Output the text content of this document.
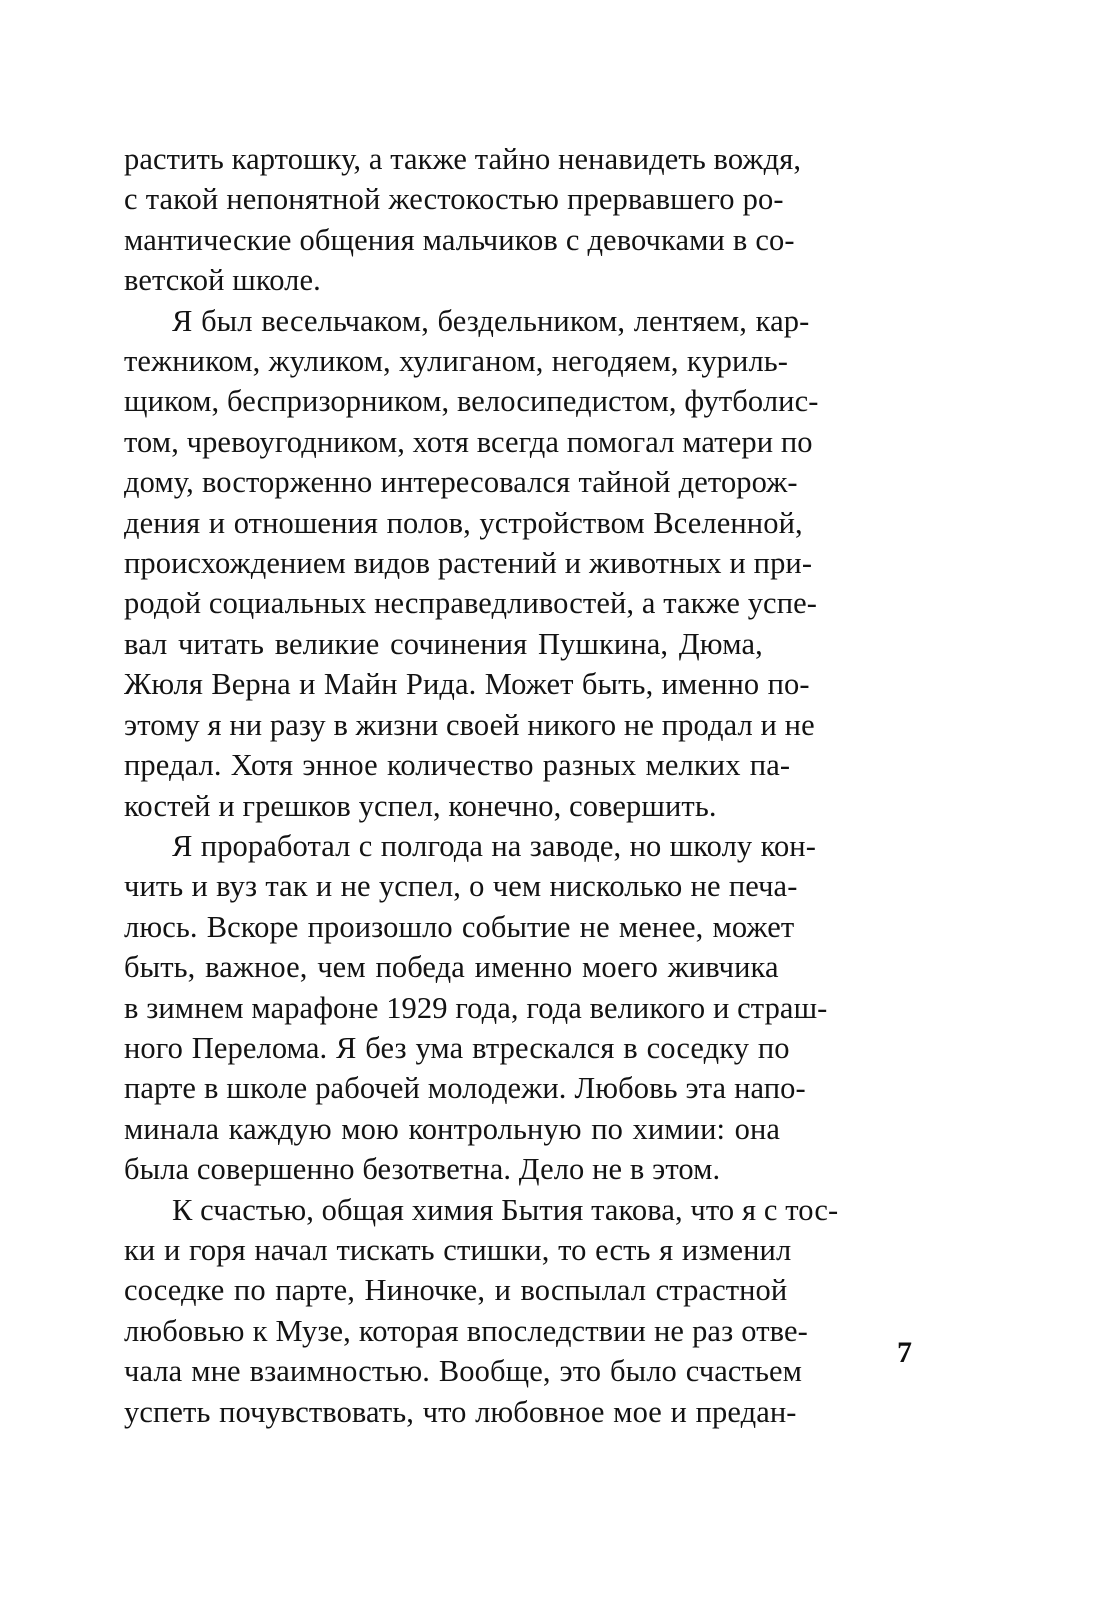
растить картошку, а также тайно ненавидеть вождя,
с такой непонятной жестокостью прервавшего ро-
мантические общения мальчиков с девочками в со-
ветской школе.
Я был весельчаком, бездельником, лентяем, кар-
тежником, жуликом, хулиганом, негодяем, куриль-
щиком, беспризорником, велосипедистом, футболис-
том, чревоугодником, хотя всегда помогал матери по
дому, восторженно интересовался тайной деторож-
дения и отношения полов, устройством Вселенной,
происхождением видов растений и животных и при-
родой социальных несправедливостей, а также успе-
вал читать великие сочинения Пушкина, Дюма,
Жюля Верна и Майн Рида. Может быть, именно по-
этому я ни разу в жизни своей никого не продал и не
предал. Хотя энное количество разных мелких па-
костей и грешков успел, конечно, совершить.
Я проработал с полгода на заводе, но школу кон-
чить и вуз так и не успел, о чем нисколько не печа-
люсь. Вскоре произошло событие не менее, может
быть, важное, чем победа именно моего живчика
в зимнем марафоне 1929 года, года великого и страш-
ного Перелома. Я без ума втрескался в соседку по
парте в школе рабочей молодежи. Любовь эта напо-
минала каждую мою контрольную по химии: она
была совершенно безответна. Дело не в этом.
К счастью, общая химия Бытия такова, что я с тос-
ки и горя начал тискать стишки, то есть я изменил
соседке по парте, Ниночке, и воспылал страстной
любовью к Музе, которая впоследствии не раз отве-
чала мне взаимностью. Вообще, это было счастьем
успеть почувствовать, что любовное мое и предан-
7
